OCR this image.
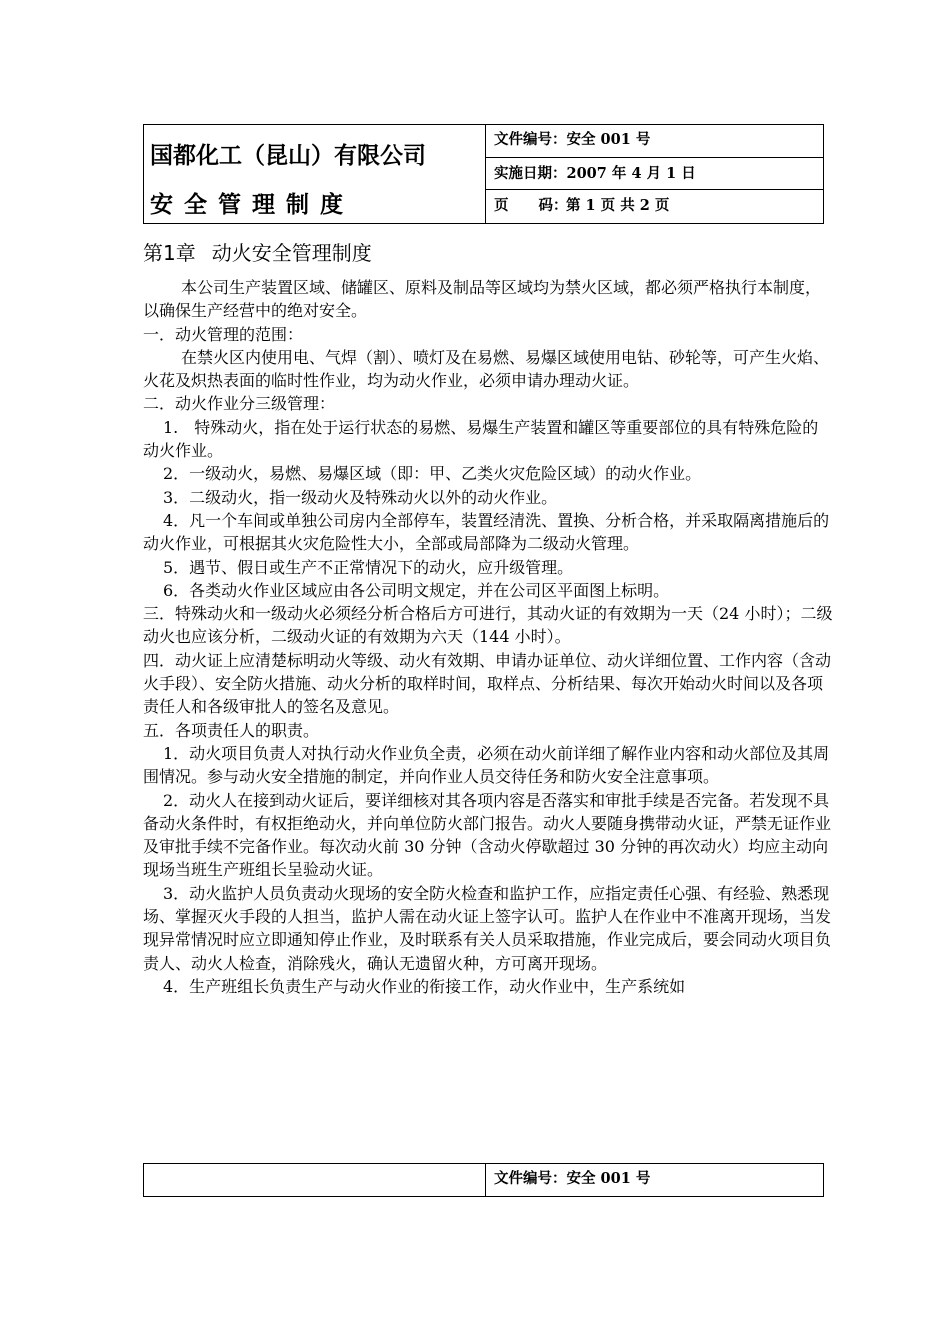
国都化工（昆山）有限公司
安全管理制度
文件编号：安全 001 号
实施日期：2007 年 4 月 1 日
页 码：第 1 页 共 2 页
第1章 动火安全管理制度

本公司生产装置区域、储罐区、原料及制品等区域均为禁火区域，都必须严格执行本制度，以确保生产经营中的绝对安全。

一．动火管理的范围：

在禁火区内使用电、气焊（割）、喷灯及在易燃、易爆区域使用电钻、砂轮等，可产生火焰、火花及炽热表面的临时性作业，均为动火作业，必须申请办理动火证。

二．动火作业分三级管理：

1.　特殊动火，指在处于运行状态的易燃、易爆生产装置和罐区等重要部位的具有特殊危险的动火作业。

2．一级动火，易燃、易爆区域（即：甲、乙类火灾危险区域）的动火作业。

3．二级动火，指一级动火及特殊动火以外的动火作业。

4．凡一个车间或单独公司房内全部停车，装置经清洗、置换、分析合格，并采取隔离措施后的动火作业，可根据其火灾危险性大小，全部或局部降为二级动火管理。

5．遇节、假日或生产不正常情况下的动火，应升级管理。

6．各类动火作业区域应由各公司明文规定，并在公司区平面图上标明。

三．特殊动火和一级动火必须经分析合格后方可进行，其动火证的有效期为一天（24 小时）；二级动火也应该分析，二级动火证的有效期为六天（144 小时）。

四．动火证上应清楚标明动火等级、动火有效期、申请办证单位、动火详细位置、工作内容（含动火手段）、安全防火措施、动火分析的取样时间，取样点、分析结果、每次开始动火时间以及各项责任人和各级审批人的签名及意见。

五．各项责任人的职责。

1．动火项目负责人对执行动火作业负全责，必须在动火前详细了解作业内容和动火部位及其周围情况。参与动火安全措施的制定，并向作业人员交待任务和防火安全注意事项。

2．动火人在接到动火证后，要详细核对其各项内容是否落实和审批手续是否完备。若发现不具备动火条件时，有权拒绝动火，并向单位防火部门报告。动火人要随身携带动火证，严禁无证作业及审批手续不完备作业。每次动火前 30 分钟（含动火停歇超过 30 分钟的再次动火）均应主动向现场当班生产班组长呈验动火证。

3．动火监护人员负责动火现场的安全防火检查和监护工作，应指定责任心强、有经验、熟悉现场、掌握灭火手段的人担当，监护人需在动火证上签字认可。监护人在作业中不准离开现场，当发现异常情况时应立即通知停止作业，及时联系有关人员采取措施，作业完成后，要会同动火项目负责人、动火人检查，消除残火，确认无遗留火种，方可离开现场。

4．生产班组长负责生产与动火作业的衔接工作，动火作业中，生产系统如

文件编号：安全 001 号
